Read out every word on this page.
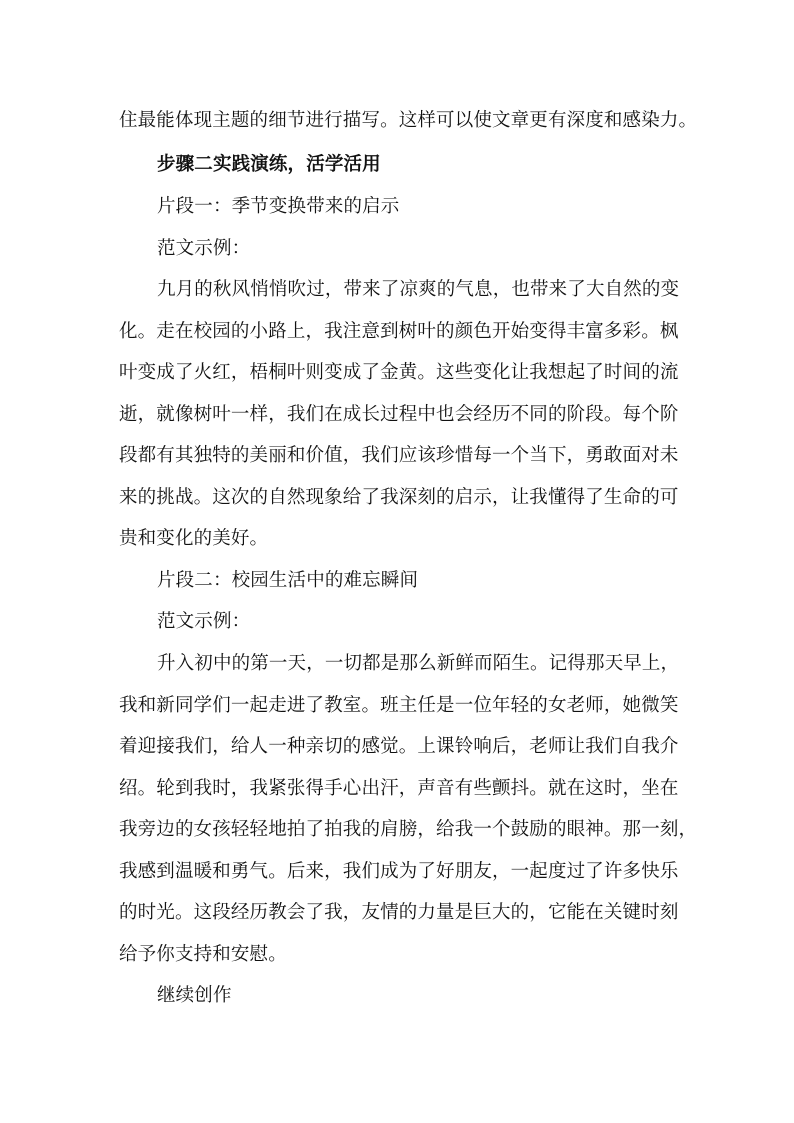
住最能体现主题的细节进行描写。这样可以使文章更有深度和感染力。
步骤二实践演练，活学活用
片段一：季节变换带来的启示
范文示例：
九月的秋风悄悄吹过，带来了凉爽的气息，也带来了大自然的变
化。走在校园的小路上，我注意到树叶的颜色开始变得丰富多彩。枫
叶变成了火红，梧桐叶则变成了金黄。这些变化让我想起了时间的流
逝，就像树叶一样，我们在成长过程中也会经历不同的阶段。每个阶
段都有其独特的美丽和价值，我们应该珍惜每一个当下，勇敢面对未
来的挑战。这次的自然现象给了我深刻的启示，让我懂得了生命的可
贵和变化的美好。
片段二：校园生活中的难忘瞬间
范文示例：
升入初中的第一天，一切都是那么新鲜而陌生。记得那天早上，
我和新同学们一起走进了教室。班主任是一位年轻的女老师，她微笑
着迎接我们，给人一种亲切的感觉。上课铃响后，老师让我们自我介
绍。轮到我时，我紧张得手心出汗，声音有些颤抖。就在这时，坐在
我旁边的女孩轻轻地拍了拍我的肩膀，给我一个鼓励的眼神。那一刻，
我感到温暖和勇气。后来，我们成为了好朋友，一起度过了许多快乐
的时光。这段经历教会了我，友情的力量是巨大的，它能在关键时刻
给予你支持和安慰。
继续创作
